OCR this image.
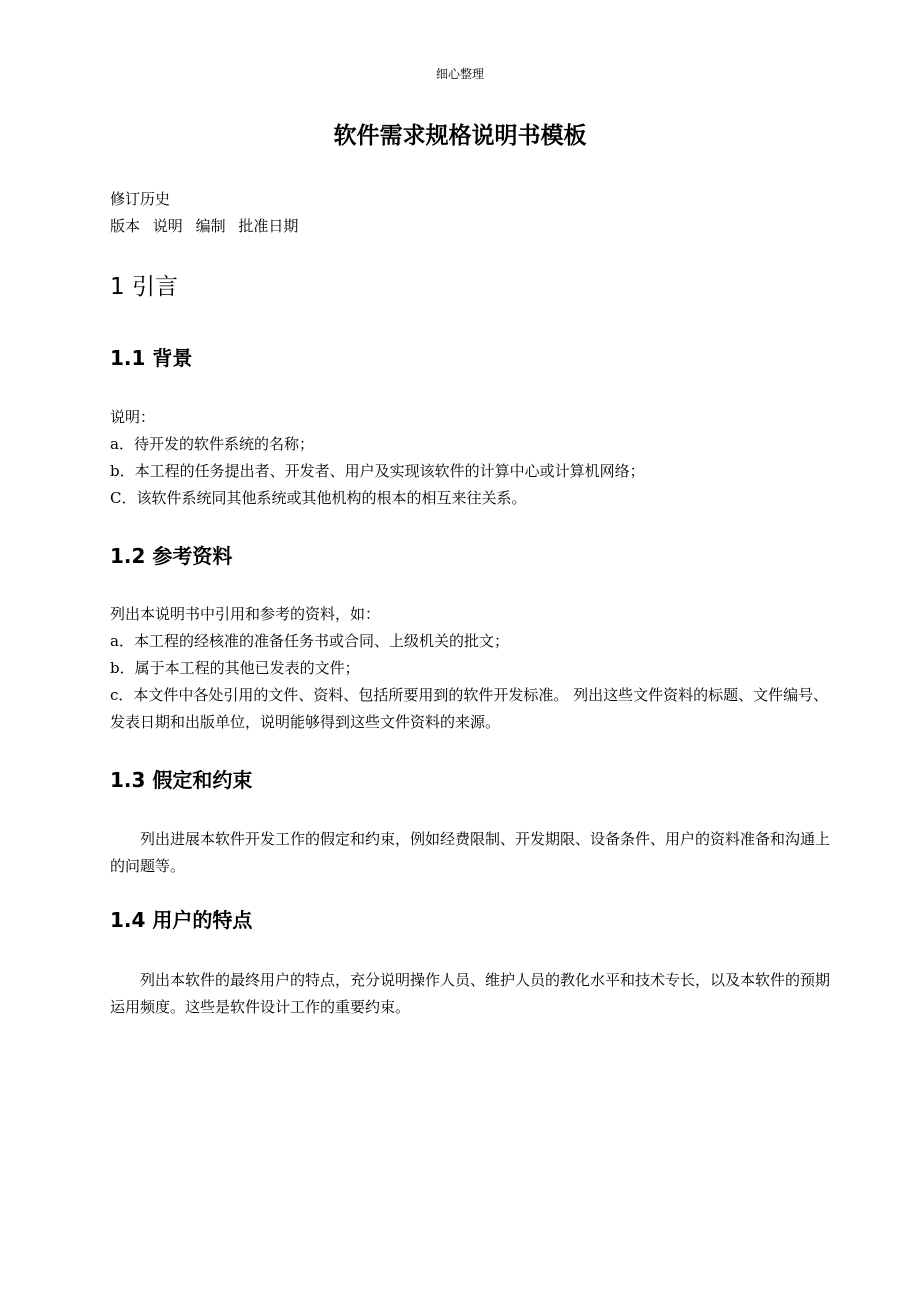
细心整理
软件需求规格说明书模板

修订历史

版本 说明 编制 批准日期

1 引言
1.1 背景

说明：

a．待开发的软件系统的名称；

b．本工程的任务提出者、开发者、用户及实现该软件的计算中心或计算机网络；

C．该软件系统同其他系统或其他机构的根本的相互来往关系。

1.2 参考资料

列出本说明书中引用和参考的资料，如：

a．本工程的经核准的准备任务书或合同、上级机关的批文；

b．属于本工程的其他已发表的文件；

c．本文件中各处引用的文件、资料、包括所要用到的软件开发标准。 列出这些文件资料的标题、文件编号、发表日期和出版单位，说明能够得到这些文件资料的来源。

1.3 假定和约束

列出进展本软件开发工作的假定和约束，例如经费限制、开发期限、设备条件、用户的资料准备和沟通上的问题等。

1.4 用户的特点

列出本软件的最终用户的特点，充分说明操作人员、维护人员的教化水平和技术专长，以及本软件的预期运用频度。这些是软件设计工作的重要约束。
